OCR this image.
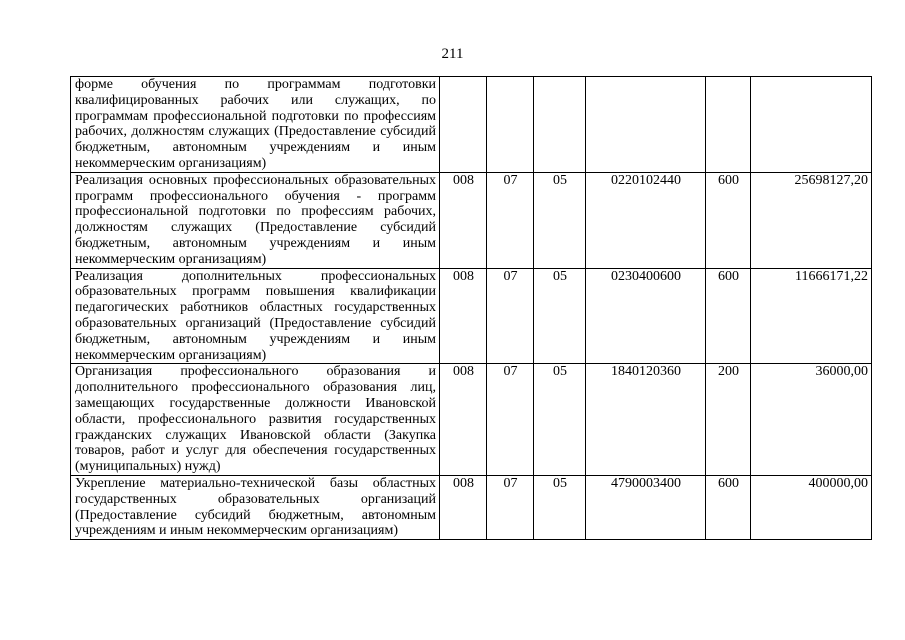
211
форме обучения по программам подготовки квалифицированных рабочих или служащих, по программам профессиональной подготовки по профессиям рабочих, должностям служащих (Предоставление субсидий бюджетным, автономным учреждениям и иным некоммерческим организациям)						
Реализация основных профессиональных образовательных программ профессионального обучения - программ профессиональной подготовки по профессиям рабочих, должностям служащих (Предоставление субсидий бюджетным, автономным учреждениям и иным некоммерческим организациям)	008	07	05	0220102440	600	25698127,20
Реализация дополнительных профессиональных образовательных программ повышения квалификации педагогических работников областных государственных образовательных организаций (Предоставление субсидий бюджетным, автономным учреждениям и иным некоммерческим организациям)	008	07	05	0230400600	600	11666171,22
Организация профессионального образования и дополнительного профессионального образования лиц, замещающих государственные должности Ивановской области, профессионального развития государственных гражданских служащих Ивановской области (Закупка товаров, работ и услуг для обеспечения государственных (муниципальных) нужд)	008	07	05	1840120360	200	36000,00
Укрепление материально-технической базы областных государственных образовательных организаций (Предоставление субсидий бюджетным, автономным учреждениям и иным некоммерческим организациям)	008	07	05	4790003400	600	400000,00
